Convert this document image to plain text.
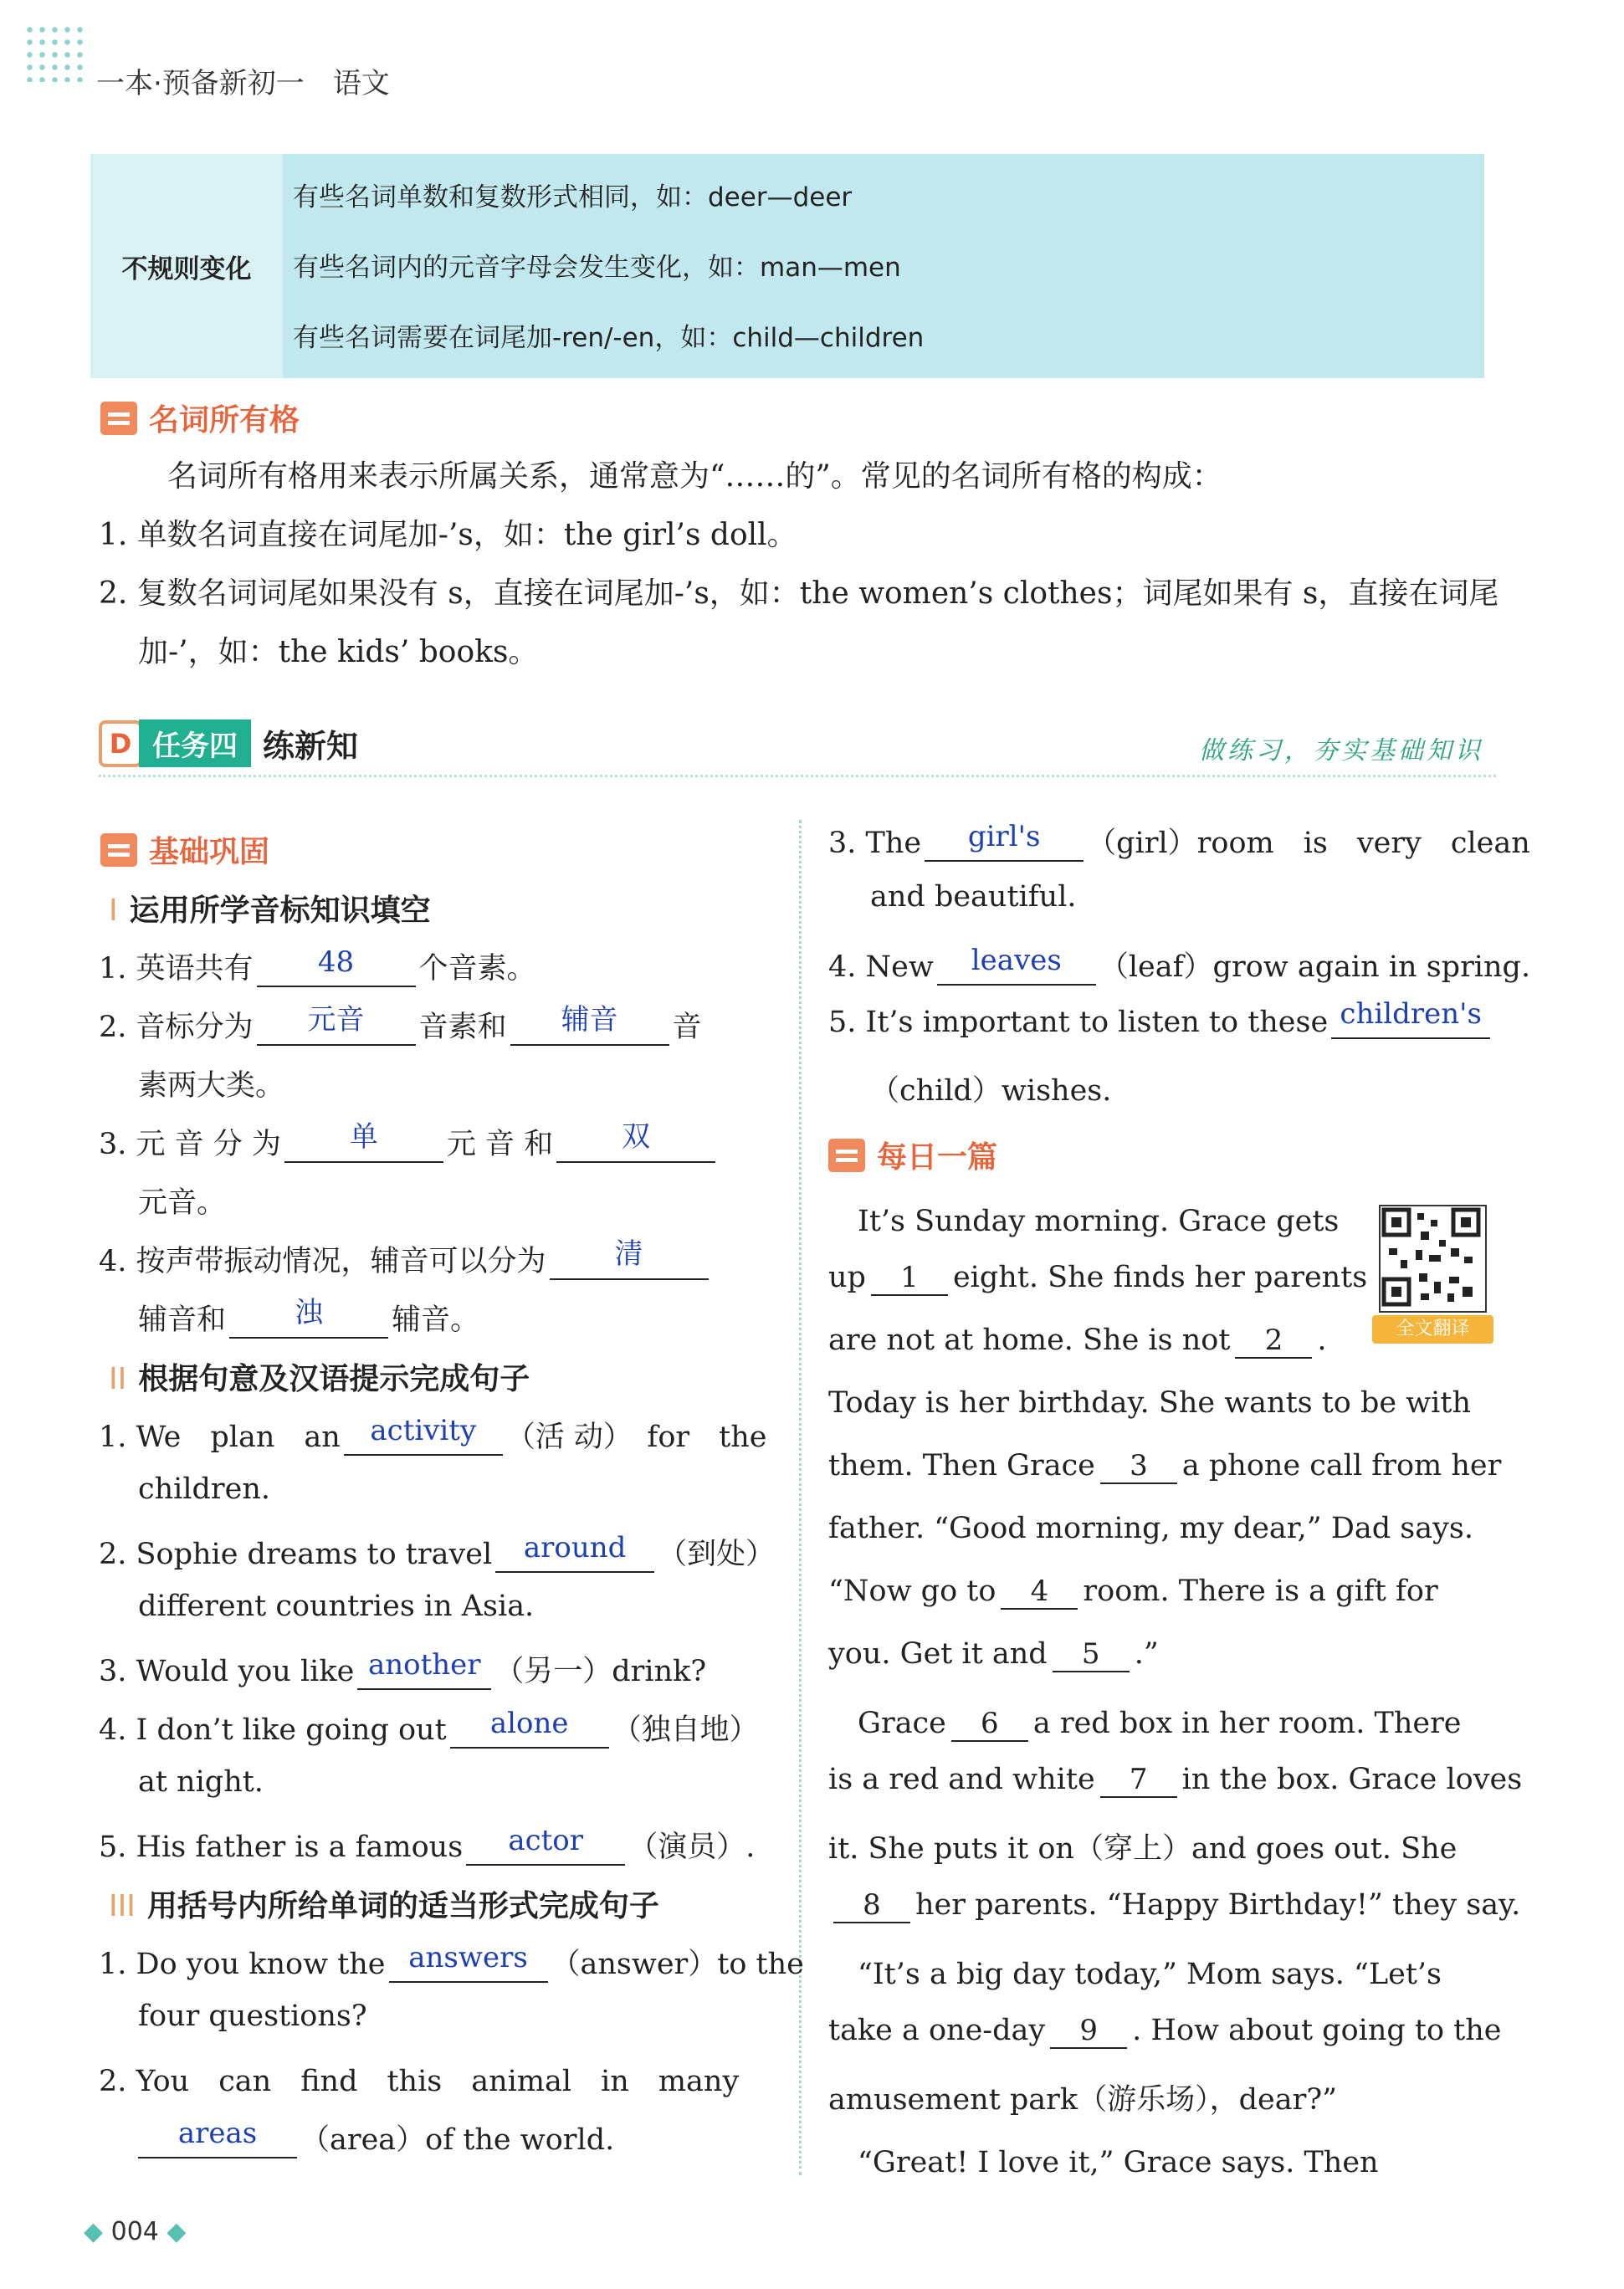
一本·预备新初一　语文
不规则变化
有些名词单数和复数形式相同，如：deer—deer
有些名词内的元音字母会发生变化，如：man—men
有些名词需要在词尾加-ren/-en，如：child—children
名词所有格
名词所有格用来表示所属关系，通常意为“……的”。常见的名词所有格的构成：
1. 单数名词直接在词尾加-’s，如：the girl’s doll。
2. 复数名词词尾如果没有 s，直接在词尾加-’s，如：the women’s clothes；词尾如果有 s，直接在词尾
加-’，如：the kids’ books。
D 任务四 练新知	做练习，夯实基础知识
基础巩固
I 运用所学音标知识填空
1. 英语共有	48	个音素。
2. 音标分为	元音	音素和	辅音	音
素两大类。
3. 元 音 分 为	单	元 音 和	双
元音。
4. 按声带振动情况，辅音可以分为	清
辅音和	浊	辅音。
II 根据句意及汉语提示完成句子
1. We　plan　an	activity	（活 动）　for　the
children.
2. Sophie dreams to travel	around	（到处）
different countries in Asia.
3. Would you like another （另一）drink?
4. I don’t like going out	alone	（独自地）
at night.
5. His father is a famous	actor	（演员）.
III 用括号内所给单词的适当形式完成句子
1. Do you know the answers （answer）to the
four questions?
2. You　can　find　this　animal　in　many
areas	（area）of the world.
3. The	girl's	（girl）room　is　very　clean
and beautiful.
4. New	leaves	（leaf）grow again in spring.
5. It’s important to listen to these children's
（child）wishes.
每日一篇
全文翻译
　It’s Sunday morning. Grace gets
up 1 eight. She finds her parents
are not at home. She is not 2 .
Today is her birthday. She wants to be with
them. Then Grace 3 a phone call from her
father. “Good morning, my dear,” Dad says.
“Now go to 4 room. There is a gift for
you. Get it and 5 .”
　Grace 6 a red box in her room. There
is a red and white 7 in the box. Grace loves
it. She puts it on（穿上）and goes out. She
8 her parents. “Happy Birthday!” they say.
　“It’s a big day today,” Mom says. “Let’s
take a one-day 9 . How about going to the
amusement park（游乐场），dear?”
　“Great! I love it,” Grace says. Then
◆ 004 ◆
